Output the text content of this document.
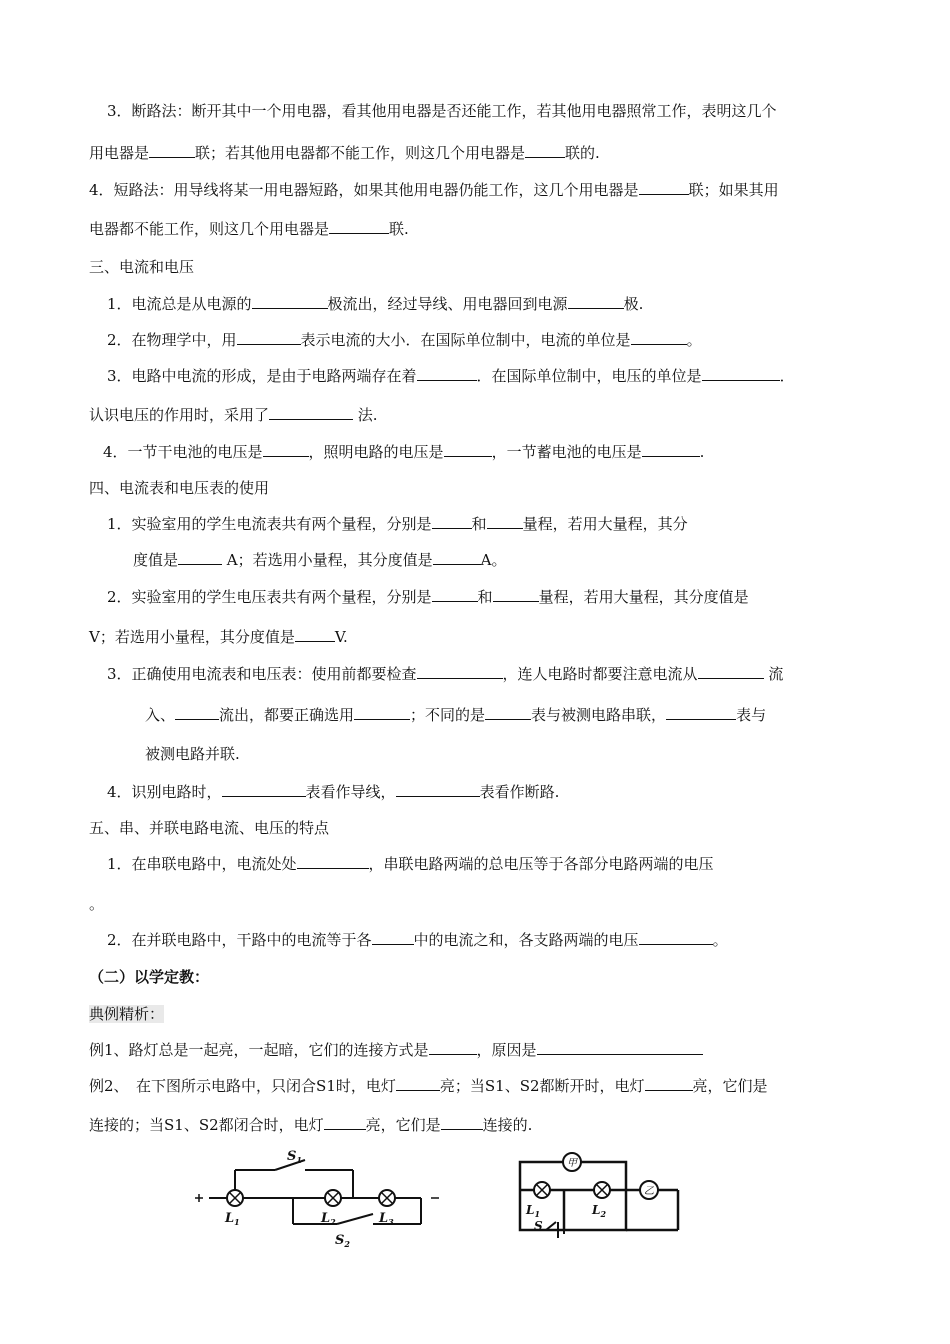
3．断路法：断开其中一个用电器，看其他用电器是否还能工作，若其他用电器照常工作，表明这几个
用电器是	联；若其他用电器都不能工作，则这几个用电器是	联的.
4．短路法：用导线将某一用电器短路，如果其他用电器仍能工作，这几个用电器是	联；如果其用
电器都不能工作，则这几个用电器是	联.
三、电流和电压
1．电流总是从电源的	极流出，经过导线、用电器回到电源	极.
2．在物理学中，用	表示电流的大小．在国际单位制中，电流的单位是	。
3．电路中电流的形成，是由于电路两端存在着	．在国际单位制中，电压的单位是	．
认识电压的作用时，采用了	法.
4．一节干电池的电压是	，照明电路的电压是	，一节蓄电池的电压是	.
四、电流表和电压表的使用
1．实验室用的学生电流表共有两个量程，分别是	和 量程，若用大量程，其分
度值是	A；若选用小量程，其分度值是	A。
2．实验室用的学生电压表共有两个量程，分别是	和	量程，若用大量程，其分度值是
V；若选用小量程，其分度值是	V.
3．正确使用电流表和电压表：使用前都要检查	，连人电路时都要注意电流从	流
入、	流出，都要正确选用	；不同的是	表与被测电路串联，	表与
被测电路并联.
4．识别电路时，	表看作导线，	表看作断路.
五、串、并联电路电流、电压的特点
1．在串联电路中，电流处处	，串联电路两端的总电压等于各部分电路两端的电压
。
2．在并联电路中，干路中的电流等于各	中的电流之和，各支路两端的电压	。
（二）以学定教：
典例精析：
例1、路灯总是一起亮，一起暗，它们的连接方式是	，原因是
例2、　在下图所示电路中，只闭合S1时，电灯	亮；当S1、S2都断开时，电灯	亮，它们是
连接的；当S1、S2都闭合时，电灯	亮，它们是	连接的.
$S_1$
$L_1$	$L_2$	$L_3$
$S_2$
甲
乙
$L_1$	$L_2$
S
